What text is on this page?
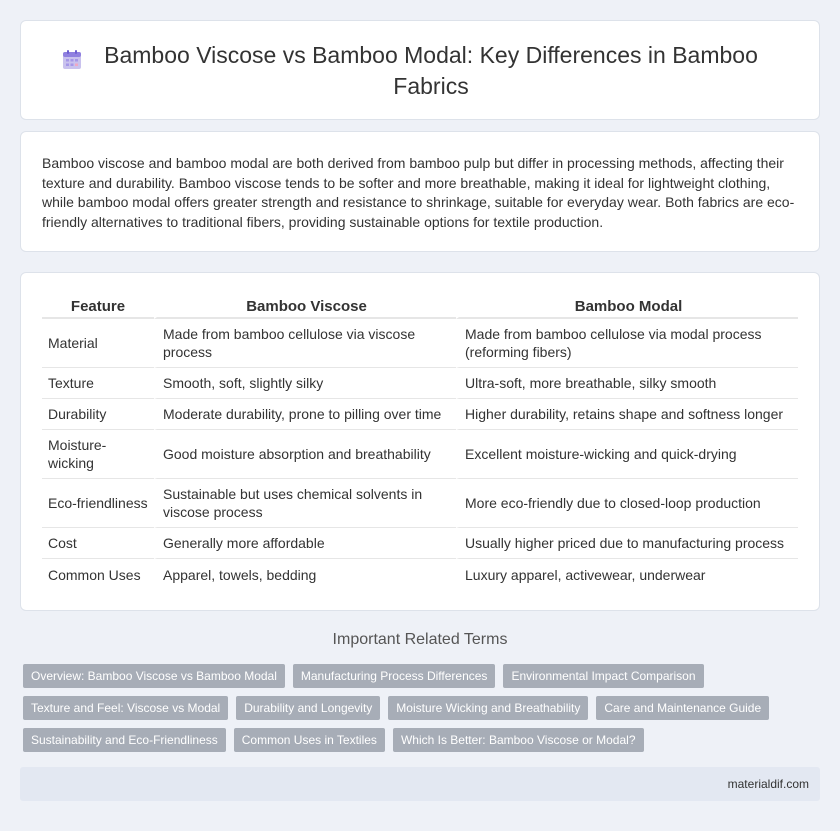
Bamboo Viscose vs Bamboo Modal: Key Differences in Bamboo Fabrics

Bamboo viscose and bamboo modal are both derived from bamboo pulp but differ in processing methods, affecting their texture and durability. Bamboo viscose tends to be softer and more breathable, making it ideal for lightweight clothing, while bamboo modal offers greater strength and resistance to shrinkage, suitable for everyday wear. Both fabrics are eco-friendly alternatives to traditional fibers, providing sustainable options for textile production.

Feature	Bamboo Viscose	Bamboo Modal
Material	Made from bamboo cellulose via viscose process	Made from bamboo cellulose via modal process (reforming fibers)
Texture	Smooth, soft, slightly silky	Ultra-soft, more breathable, silky smooth
Durability	Moderate durability, prone to pilling over time	Higher durability, retains shape and softness longer
Moisture-wicking	Good moisture absorption and breathability	Excellent moisture-wicking and quick-drying
Eco-friendliness	Sustainable but uses chemical solvents in viscose process	More eco-friendly due to closed-loop production
Cost	Generally more affordable	Usually higher priced due to manufacturing process
Common Uses	Apparel, towels, bedding	Luxury apparel, activewear, underwear
Important Related Terms
Overview: Bamboo Viscose vs Bamboo Modal	Manufacturing Process Differences	Environmental Impact Comparison
Texture and Feel: Viscose vs Modal	Durability and Longevity	Moisture Wicking and Breathability	Care and Maintenance Guide
Sustainability and Eco-Friendliness	Common Uses in Textiles	Which Is Better: Bamboo Viscose or Modal?
materialdif.com
